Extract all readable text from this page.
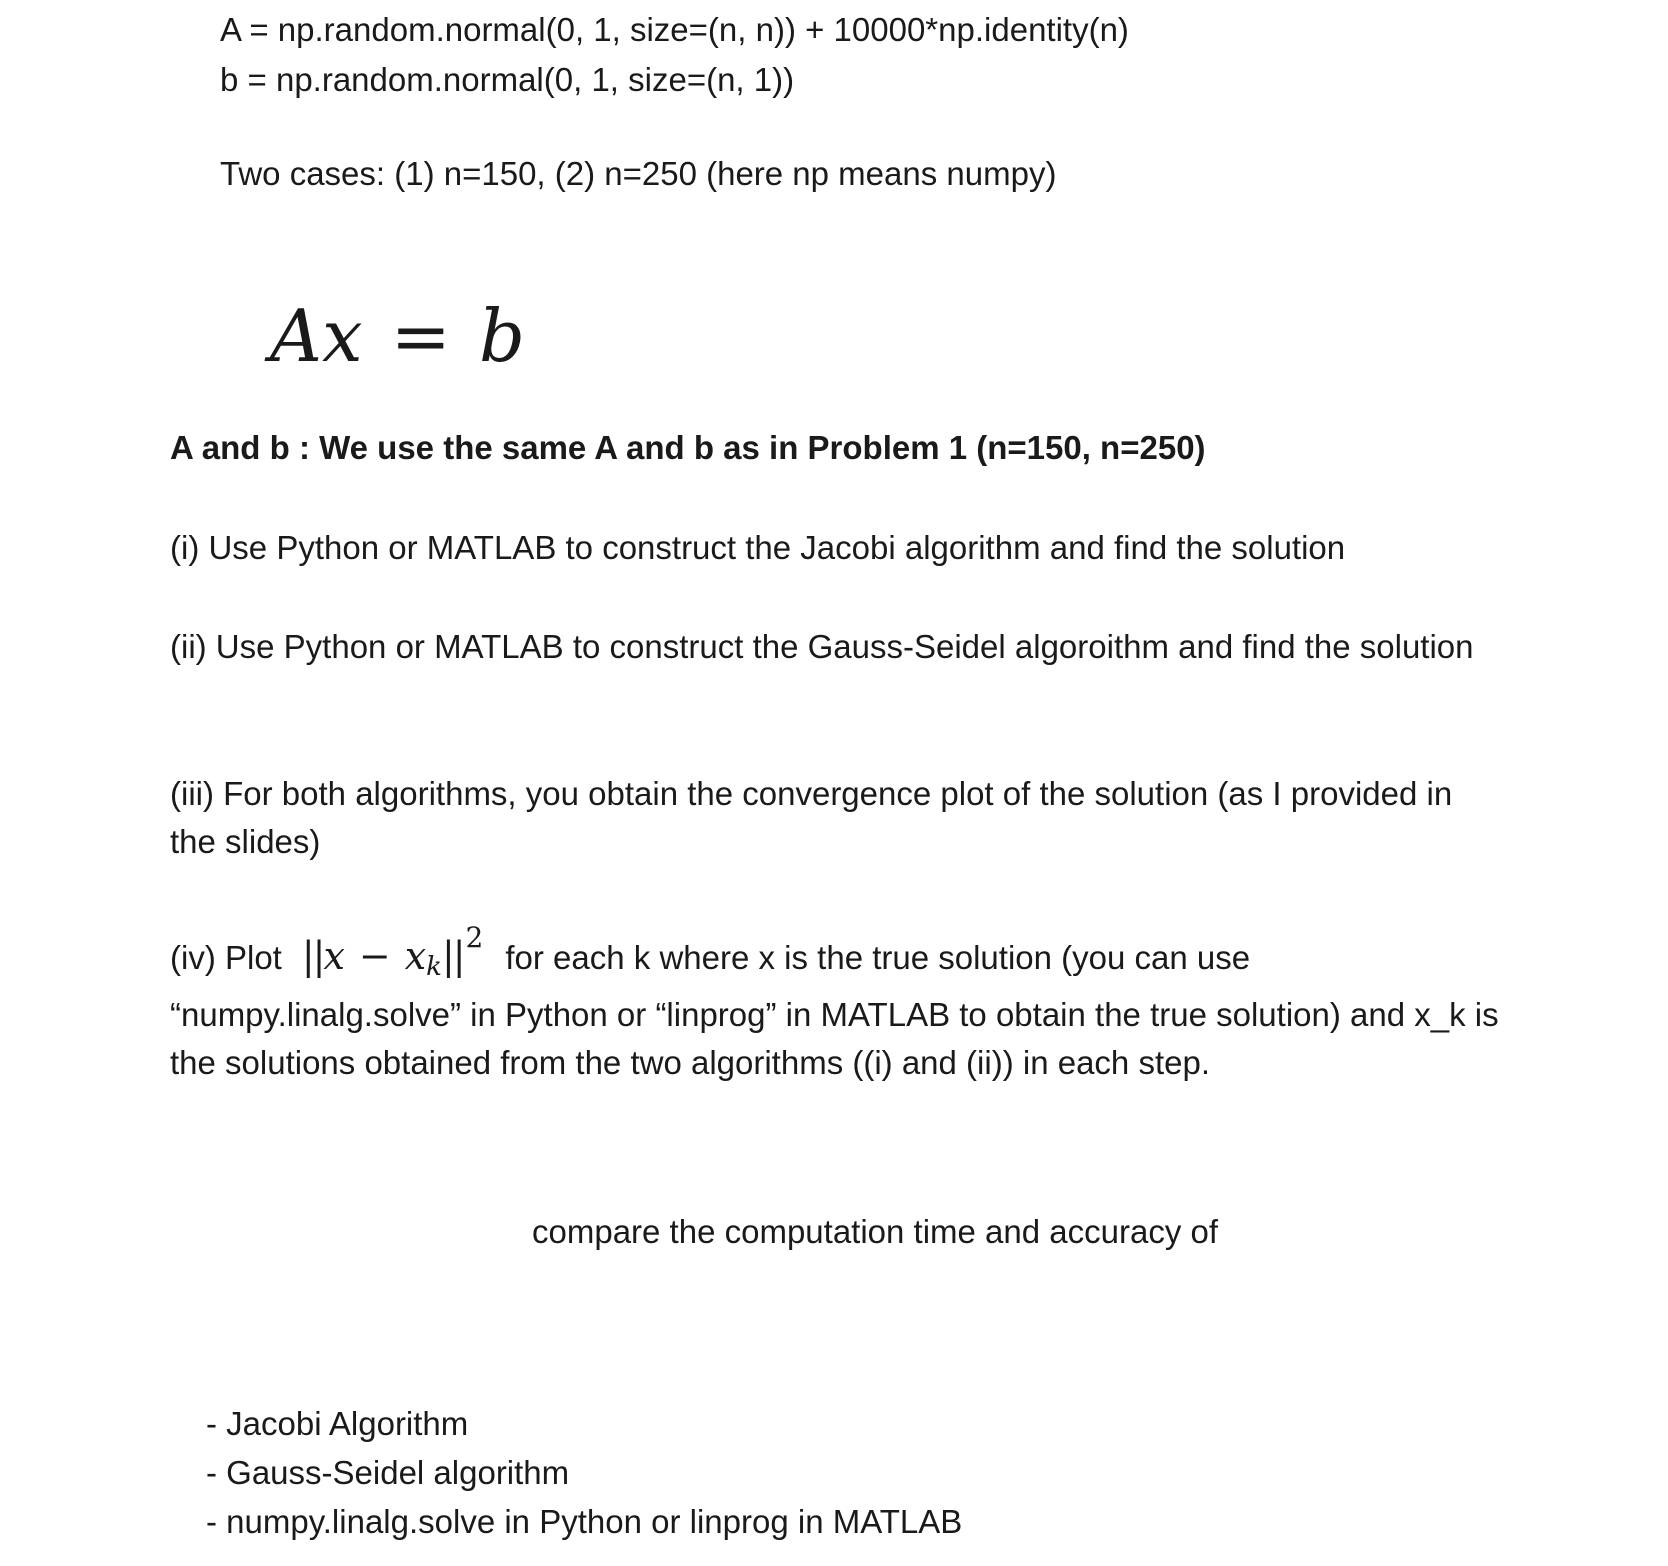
A = np.random.normal(0, 1, size=(n, n)) + 10000*np.identity(n)
b = np.random.normal(0, 1, size=(n, 1))
Two cases: (1) n=150, (2) n=250 (here np means numpy)
Ax = b
A and b : We use the same A and b as in Problem 1 (n=150, n=250)
(i) Use Python or MATLAB to construct the Jacobi algorithm and find the solution
(ii) Use Python or MATLAB to construct the Gauss-Seidel algoroithm and find the solution
(iii) For both algorithms, you obtain the convergence plot of the solution (as I provided in the slides)
(iv) Plot $||x - x_k||^2for$ each k where x is the true solution (you can use “numpy.linalg.solve” in Python or “linprog” in MATLAB to obtain the true solution) and x_k is the solutions obtained from the two algorithms ((i) and (ii)) in each step.
compare the computation time and accuracy of
- Jacobi Algorithm
- Gauss-Seidel algorithm
- numpy.linalg.solve in Python or linprog in MATLAB
